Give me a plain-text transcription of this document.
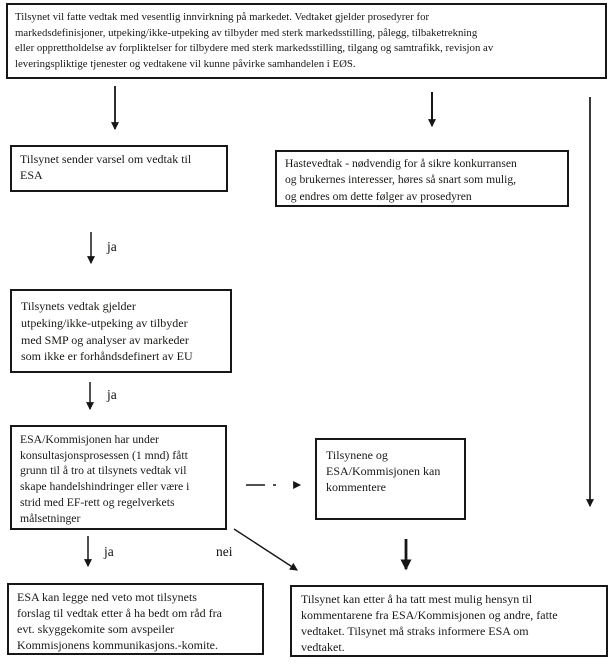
Tilsynet vil fatte vedtak med vesentlig innvirkning på markedet. Vedtaket gjelder prosedyrer for
markedsdefinisjoner, utpeking/ikke-utpeking av tilbyder med sterk markedsstilling, pålegg, tilbaketrekning
eller opprettholdelse av forpliktelser for tilbydere med sterk markedsstilling, tilgang og samtrafikk, revisjon av
leveringspliktige tjenester og vedtakene vil kunne påvirke samhandelen i EØS.
Tilsynet sender varsel om vedtak til
ESA
Hastevedtak - nødvendig for å sikre konkurransen
og brukernes interesser, høres så snart som mulig,
og endres om dette følger av prosedyren
Tilsynets vedtak gjelder
utpeking/ikke-utpeking av tilbyder
med SMP og analyser av markeder
som ikke er forhåndsdefinert av EU
ESA/Kommisjonen har under
konsultasjonsprosessen (1 mnd) fått
grunn til å tro at tilsynets vedtak vil
skape handelshindringer eller være i
strid med EF-rett og regelverkets
målsetninger
Tilsynene og
ESA/Kommisjonen kan
kommentere
ESA kan legge ned veto mot tilsynets
forslag til vedtak etter å ha bedt om råd fra
evt. skyggekomite som avspeiler
Kommisjonens kommunikasjons.-komite.
Tilsynet kan etter å ha tatt mest mulig hensyn til
kommentarene fra ESA/Kommisjonen og andre, fatte
vedtaket. Tilsynet må straks informere ESA om
vedtaket.
ja
ja
ja	nei
